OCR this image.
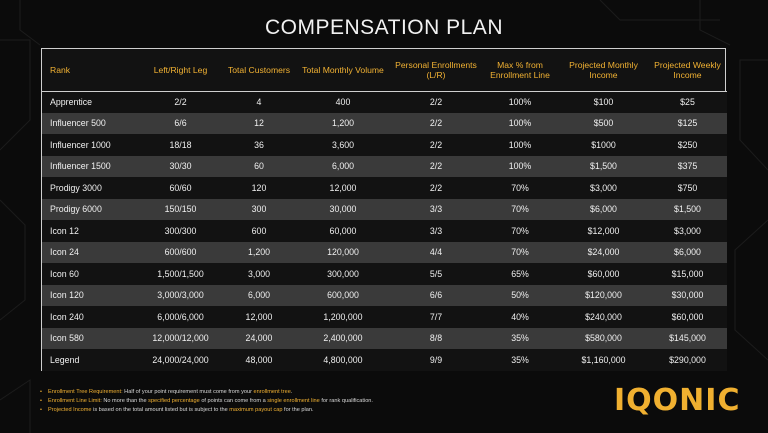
COMPENSATION PLAN
Rank	Left/Right Leg	Total Customers	Total Monthly Volume	Personal Enrollments (L/R)	Max % from Enrollment Line	Projected Monthly Income	Projected Weekly Income
Apprentice	2/2	4	400	2/2	100%	$100	$25
Influencer 500	6/6	12	1,200	2/2	100%	$500	$125
Influencer 1000	18/18	36	3,600	2/2	100%	$1000	$250
Influencer 1500	30/30	60	6,000	2/2	100%	$1,500	$375
Prodigy 3000	60/60	120	12,000	2/2	70%	$3,000	$750
Prodigy 6000	150/150	300	30,000	3/3	70%	$6,000	$1,500
Icon 12	300/300	600	60,000	3/3	70%	$12,000	$3,000
Icon 24	600/600	1,200	120,000	4/4	70%	$24,000	$6,000
Icon 60	1,500/1,500	3,000	300,000	5/5	65%	$60,000	$15,000
Icon 120	3,000/3,000	6,000	600,000	6/6	50%	$120,000	$30,000
Icon 240	6,000/6,000	12,000	1,200,000	7/7	40%	$240,000	$60,000
Icon 580	12,000/12,000	24,000	2,400,000	8/8	35%	$580,000	$145,000
Legend	24,000/24,000	48,000	4,800,000	9/9	35%	$1,160,000	$290,000
•	Enrollment Tree Requirement: Half of your point requirement must come from your enrollment tree.
•	Enrollment Line Limit: No more than the specified percentage of points can come from a single enrollment line for rank qualification.
•	Projected Income is based on the total amount listed but is subject to the maximum payout cap for the plan.	IQONIC
